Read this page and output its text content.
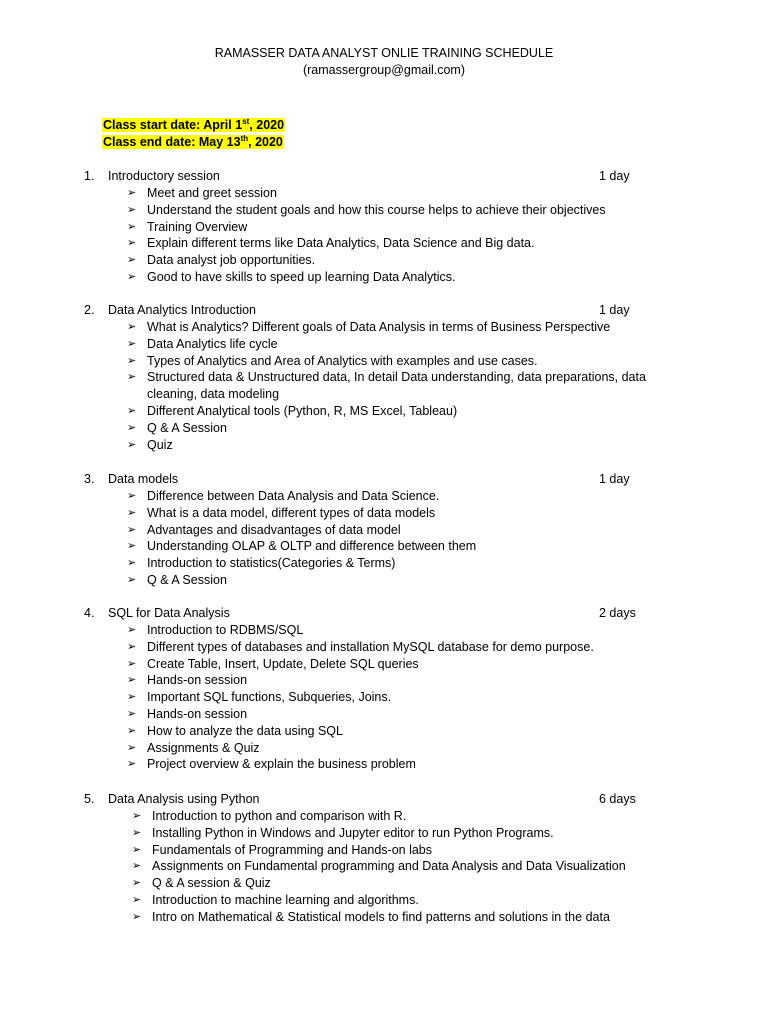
RAMASSER DATA ANALYST ONLIE TRAINING SCHEDULE
(ramassergroup@gmail.com)
Class start date: April 1st, 2020
Class end date: May 13th, 2020
1. Introductory session	1 day
➢ Meet and greet session
➢ Understand the student goals and how this course helps to achieve their objectives
➢ Training Overview
➢ Explain different terms like Data Analytics, Data Science and Big data.
➢ Data analyst job opportunities.
➢ Good to have skills to speed up learning Data Analytics.
2. Data Analytics Introduction	1 day
➢ What is Analytics? Different goals of Data Analysis in terms of Business Perspective
➢ Data Analytics life cycle
➢ Types of Analytics and Area of Analytics with examples and use cases.
➢ Structured data & Unstructured data, In detail Data understanding, data preparations, data cleaning, data modeling
➢ Different Analytical tools (Python, R, MS Excel, Tableau)
➢ Q & A Session
➢ Quiz
3. Data models	1 day
➢ Difference between Data Analysis and Data Science.
➢ What is a data model, different types of data models
➢ Advantages and disadvantages of data model
➢ Understanding OLAP & OLTP and difference between them
➢ Introduction to statistics(Categories & Terms)
➢ Q & A Session
4. SQL for Data Analysis	2 days
➢ Introduction to RDBMS/SQL
➢ Different types of databases and installation MySQL database for demo purpose.
➢ Create Table, Insert, Update, Delete SQL queries
➢ Hands-on session
➢ Important SQL functions, Subqueries, Joins.
➢ Hands-on session
➢ How to analyze the data using SQL
➢ Assignments & Quiz
➢ Project overview & explain the business problem
5. Data Analysis using Python	6 days
➢ Introduction to python and comparison with R.
➢ Installing Python in Windows and Jupyter editor to run Python Programs.
➢ Fundamentals of Programming and Hands-on labs
➢ Assignments on Fundamental programming and Data Analysis and Data Visualization
➢ Q & A session & Quiz
➢ Introduction to machine learning and algorithms.
➢ Intro on Mathematical & Statistical models to find patterns and solutions in the data
